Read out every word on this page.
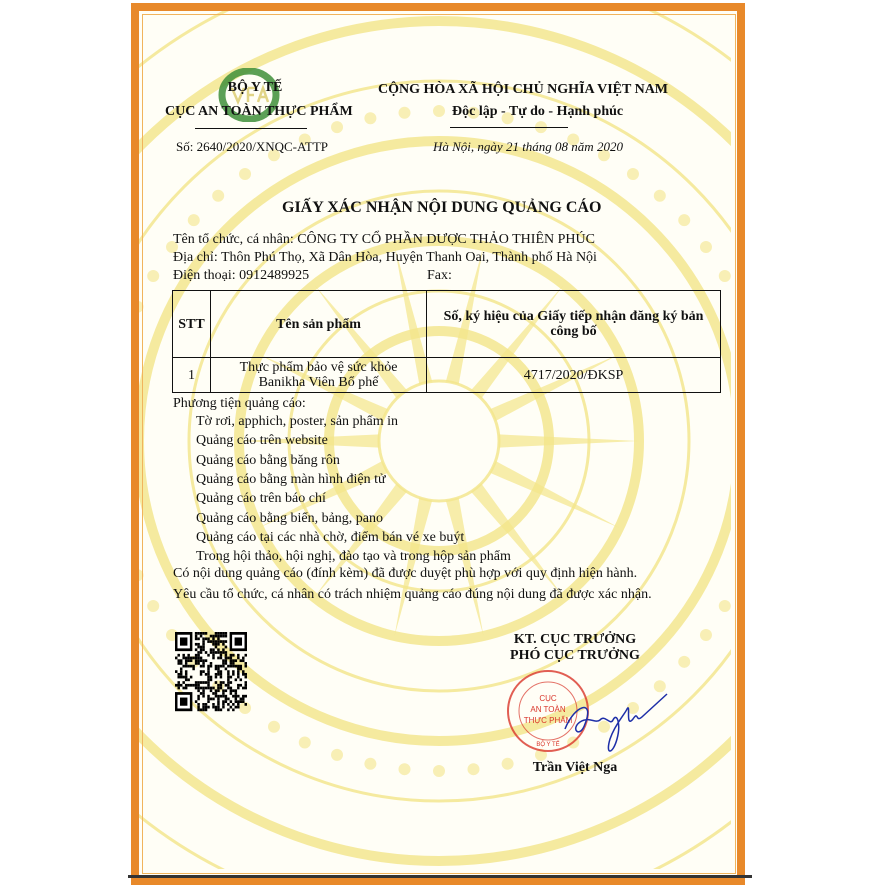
BỘ Y TẾ
CỤC AN TOÀN THỰC PHẨM
CỘNG HÒA XÃ HỘI CHỦ NGHĨA VIỆT NAM
Độc lập - Tự do - Hạnh phúc
Số: 2640/2020/XNQC-ATTP	Hà Nội, ngày 21 tháng 08 năm 2020
GIẤY XÁC NHẬN NỘI DUNG QUẢNG CÁO
Tên tổ chức, cá nhân: CÔNG TY CỔ PHẦN DƯỢC THẢO THIÊN PHÚC
Địa chỉ: Thôn Phú Thọ, Xã Dân Hòa, Huyện Thanh Oai, Thành phố Hà Nội
Điện thoại: 0912489925	Fax:
STT	Tên sản phẩm	Số, ký hiệu của Giấy tiếp nhận đăng ký bản công bố
1	Thực phẩm bảo vệ sức khỏe
Banikha Viên Bổ phế	4717/2020/ĐKSP
Phương tiện quảng cáo:
Tờ rơi, apphich, poster, sản phẩm in
Quảng cáo trên website
Quảng cáo bằng băng rôn
Quảng cáo bằng màn hình điện tử
Quảng cáo trên báo chí
Quảng cáo bằng biển, bảng, pano
Quảng cáo tại các nhà chờ, điểm bán vé xe buýt
Trong hội thảo, hội nghị, đào tạo và trong hộp sản phẩm
Có nội dung quảng cáo (đính kèm) đã được duyệt phù hợp với quy định hiện hành.
Yêu cầu tổ chức, cá nhân có trách nhiệm quảng cáo đúng nội dung đã được xác nhận.
KT. CỤC TRƯỞNG
PHÓ CỤC TRƯỞNG
CỤC
AN TOÀN
THỰC PHẨM
BỘ Y TẾ
Trần Việt Nga
